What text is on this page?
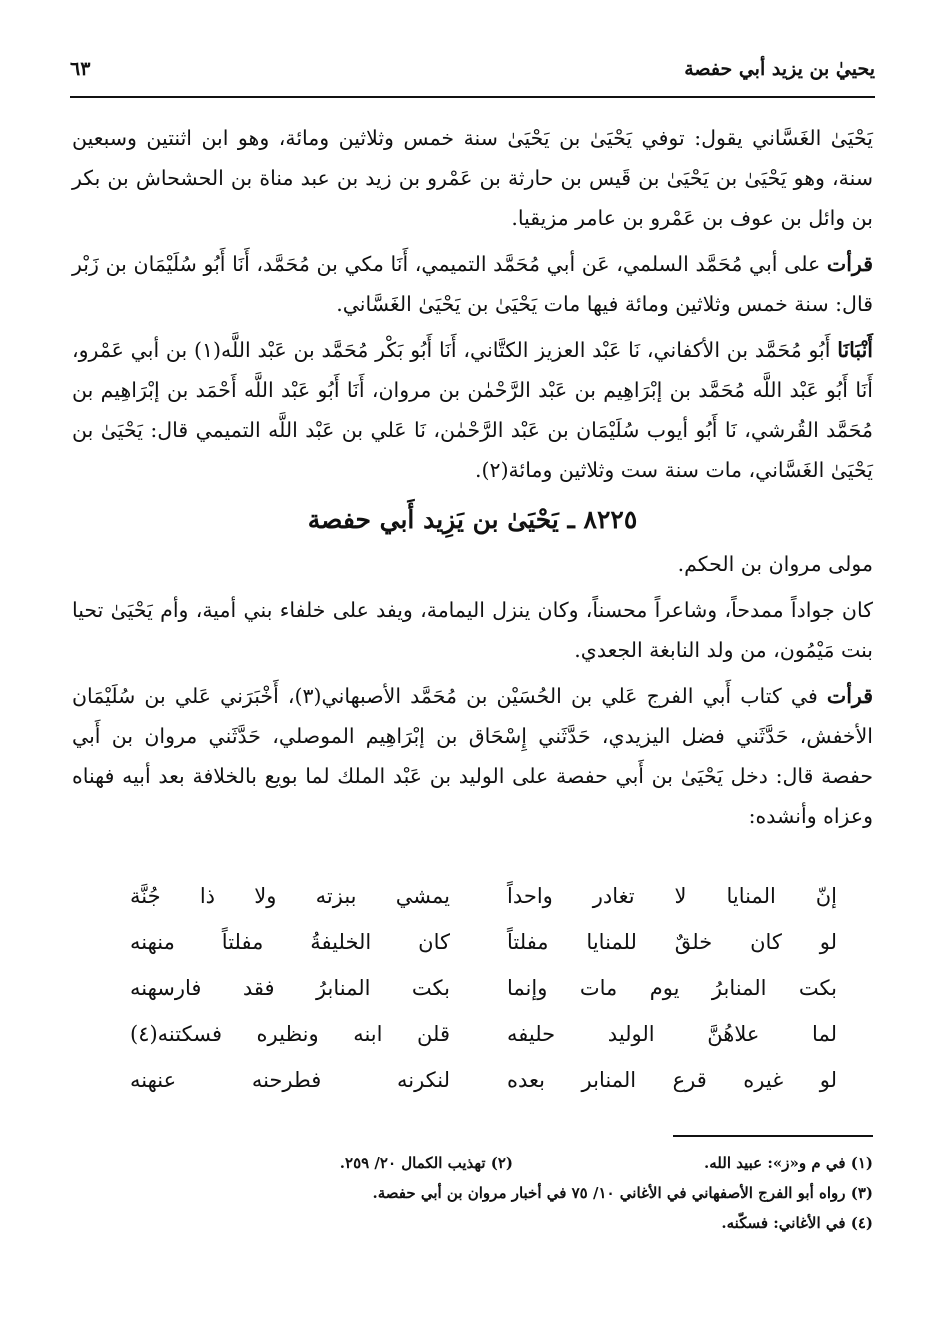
يحييٰ بن يزيد أبي حفصة
٦٣

يَحْيَىٰ الغَسَّاني يقول: توفي يَحْيَىٰ بن يَحْيَىٰ سنة خمس وثلاثين ومائة، وهو ابن اثنتين وسبعين سنة، وهو يَحْيَىٰ بن يَحْيَىٰ بن قَيس بن حارثة بن عَمْرو بن زيد بن عبد مناة بن الحشحاش بن بكر بن وائل بن عوف بن عَمْرو بن عامر مزيقيا.

قرأت على أبي مُحَمَّد السلمي، عَن أبي مُحَمَّد التميمي، أَنَا مكي بن مُحَمَّد، أَنَا أَبُو سُلَيْمَان بن زَبْر قال: سنة خمس وثلاثين ومائة فيها مات يَحْيَىٰ بن يَحْيَىٰ الغَسَّاني.

أَنْبَانَا أَبُو مُحَمَّد بن الأكفاني، نَا عَبْد العزيز الكتَّاني، أَنَا أَبُو بَكْر مُحَمَّد بن عَبْد اللَّه(١) بن أبي عَمْرو، أَنَا أَبُو عَبْد اللَّه مُحَمَّد بن إبْرَاهِيم بن عَبْد الرَّحْمٰن بن مروان، أَنَا أَبُو عَبْد اللَّه أَحْمَد بن إبْرَاهِيم بن مُحَمَّد القُرشي، نَا أَبُو أيوب سُلَيْمَان بن عَبْد الرَّحْمٰن، نَا عَلي بن عَبْد اللَّه التميمي قال: يَحْيَىٰ بن يَحْيَىٰ الغَسَّاني، مات سنة ست وثلاثين ومائة(٢).

٨٢٢٥ ـ يَحْيَىٰ بن يَزِيد أَبي حفصة

مولى مروان بن الحكم.

كان جواداً ممدحاً، وشاعراً محسناً، وكان ينزل اليمامة، ويفد على خلفاء بني أمية، وأم يَحْيَىٰ تحيا بنت مَيْمُون، من ولد النابغة الجعدي.

قرأت في كتاب أَبي الفرج عَلي بن الحُسَيْن بن مُحَمَّد الأصبهاني(٣)، أَخْبَرَني عَلي بن سُلَيْمَان الأخفش، حَدَّثَني فضل اليزيدي، حَدَّثَني إِسْحَاق بن إبْرَاهِيم الموصلي، حَدَّثَني مروان بن أَبي حفصة قال: دخل يَحْيَىٰ بن أَبي حفصة على الوليد بن عَبْد الملك لما بويع بالخلافة بعد أبيه فهناه وعزاه وأنشده:

إنّ المنايا لا تغادر واحداً
يمشي ببزته ولا ذا جُنَّة
لو كان خلقٌ للمنايا مفلتاً
كان الخليفةُ مفلتاً منهنه
بكت المنابرُ يوم مات وإنما
بكت المنابرُ فقد فارسهنه
لما علاهُنَّ الوليد حليفه
قلن ابنه ونظيره فسكتنه(٤)
لو غيره قرع المنابر بعده
لنكرنه فطرحنه عنهنه
(١) في م و«ز»: عبيد الله.
(٢) تهذيب الكمال ٢٠/ ٢٥٩.
(٣) رواه أبو الفرج الأصفهاني في الأغاني ١٠/ ٧٥ في أخبار مروان بن أبي حفصة.
(٤) في الأغاني: فسكّنه.
